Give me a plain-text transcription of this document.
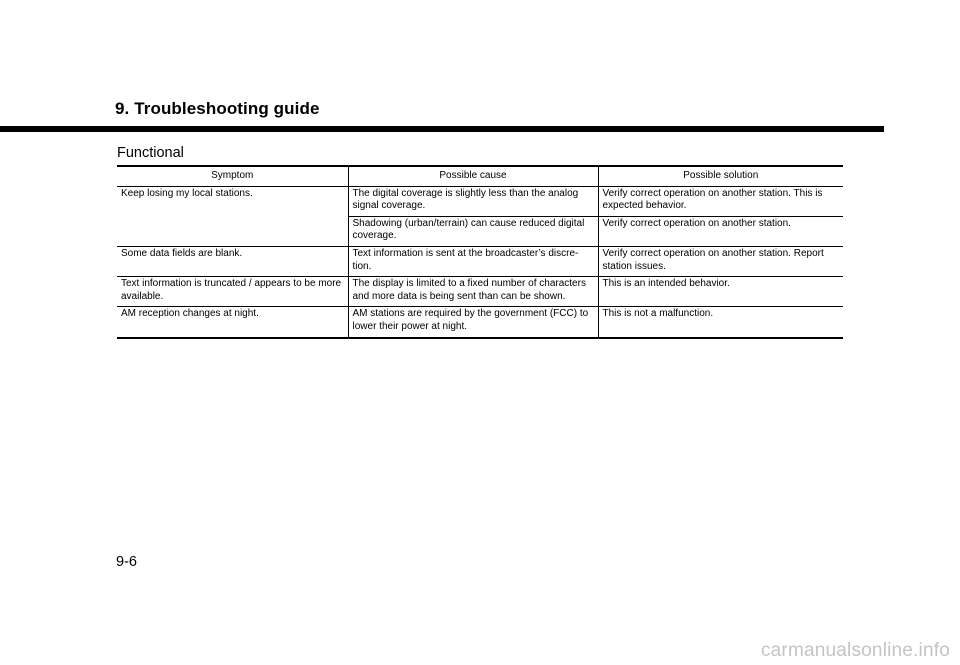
9. Troubleshooting guide
Functional
Symptom	Possible cause	Possible solution
Keep losing my local stations.	The digital coverage is slightly less than the analog signal coverage.	Verify correct operation on another station. This is expected behavior.
	Shadowing (urban/terrain) can cause reduced digital coverage.	Verify correct operation on another station.
Some data fields are blank.	Text information is sent at the broadcaster’s discre-tion.	Verify correct operation on another station. Report station issues.
Text information is truncated / appears to be more available.	The display is limited to a fixed number of characters and more data is being sent than can be shown.	This is an intended behavior.
AM reception changes at night.	AM stations are required by the government (FCC) to lower their power at night.	This is not a malfunction.
9-6
carmanualsonline.info
